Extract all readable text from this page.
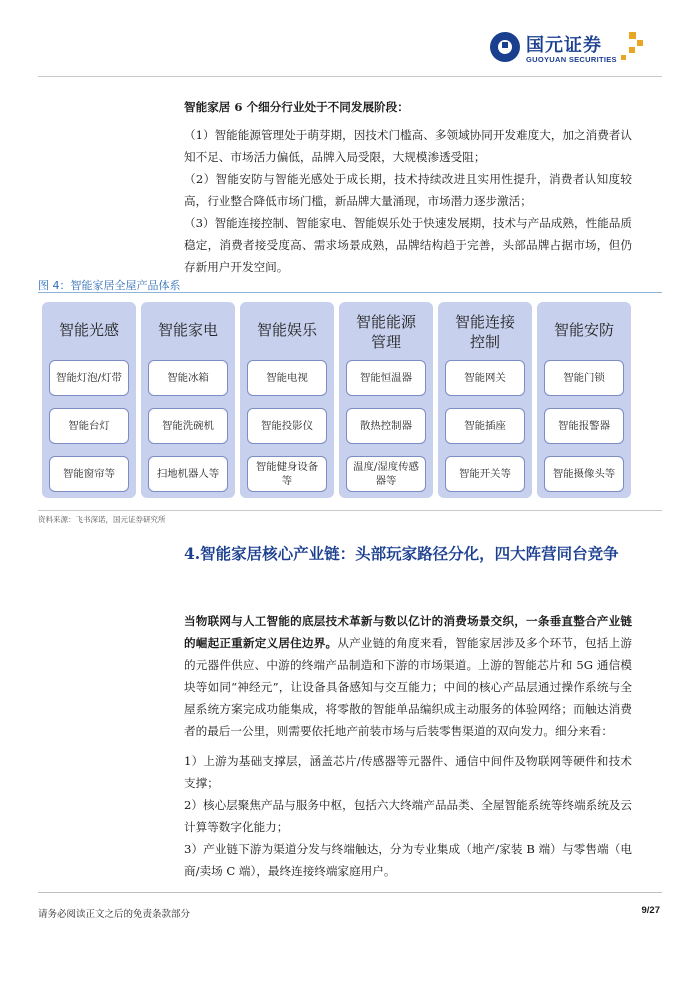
国元证券
GUOYUAN SECURITIES
智能家居 6 个细分行业处于不同发展阶段：
（1）智能能源管理处于萌芽期，因技术门槛高、多领域协同开发难度大，加之消费者认知不足、市场活力偏低，品牌入局受限，大规模渗透受阻；
（2）智能安防与智能光感处于成长期，技术持续改进且实用性提升，消费者认知度较高，行业整合降低市场门槛，新品牌大量涌现，市场潜力逐步激活；
（3）智能连接控制、智能家电、智能娱乐处于快速发展期，技术与产品成熟，性能品质稳定，消费者接受度高、需求场景成熟，品牌结构趋于完善，头部品牌占据市场，但仍存新用户开发空间。
图 4：智能家居全屋产品体系
智能光感
智能灯泡/灯带
智能台灯
智能窗帘等
智能家电
智能冰箱
智能洗碗机
扫地机器人等
智能娱乐
智能电视
智能投影仪
智能健身设备等
智能能源管理
智能恒温器
散热控制器
温度/湿度传感器等
智能连接控制
智能网关
智能插座
智能开关等
智能安防
智能门锁
智能报警器
智能摄像头等
资料来源：飞书深诺，国元证券研究所
4.智能家居核心产业链：头部玩家路径分化，四大阵营同台竞争
当物联网与人工智能的底层技术革新与数以亿计的消费场景交织，一条垂直整合产业链的崛起正重新定义居住边界。从产业链的角度来看，智能家居涉及多个环节，包括上游的元器件供应、中游的终端产品制造和下游的市场渠道。上游的智能芯片和 5G 通信模块等如同“神经元”，让设备具备感知与交互能力；中间的核心产品层通过操作系统与全屋系统方案完成功能集成，将零散的智能单品编织成主动服务的体验网络；而触达消费者的最后一公里，则需要依托地产前装市场与后装零售渠道的双向发力。细分来看：
1）上游为基础支撑层，涵盖芯片/传感器等元器件、通信中间件及物联网等硬件和技术支撑；
2）核心层聚焦产品与服务中枢，包括六大终端产品品类、全屋智能系统等终端系统及云计算等数字化能力；
3）产业链下游为渠道分发与终端触达，分为专业集成（地产/家装 B 端）与零售端（电商/卖场 C 端），最终连接终端家庭用户。
请务必阅读正文之后的免责条款部分	9/27
